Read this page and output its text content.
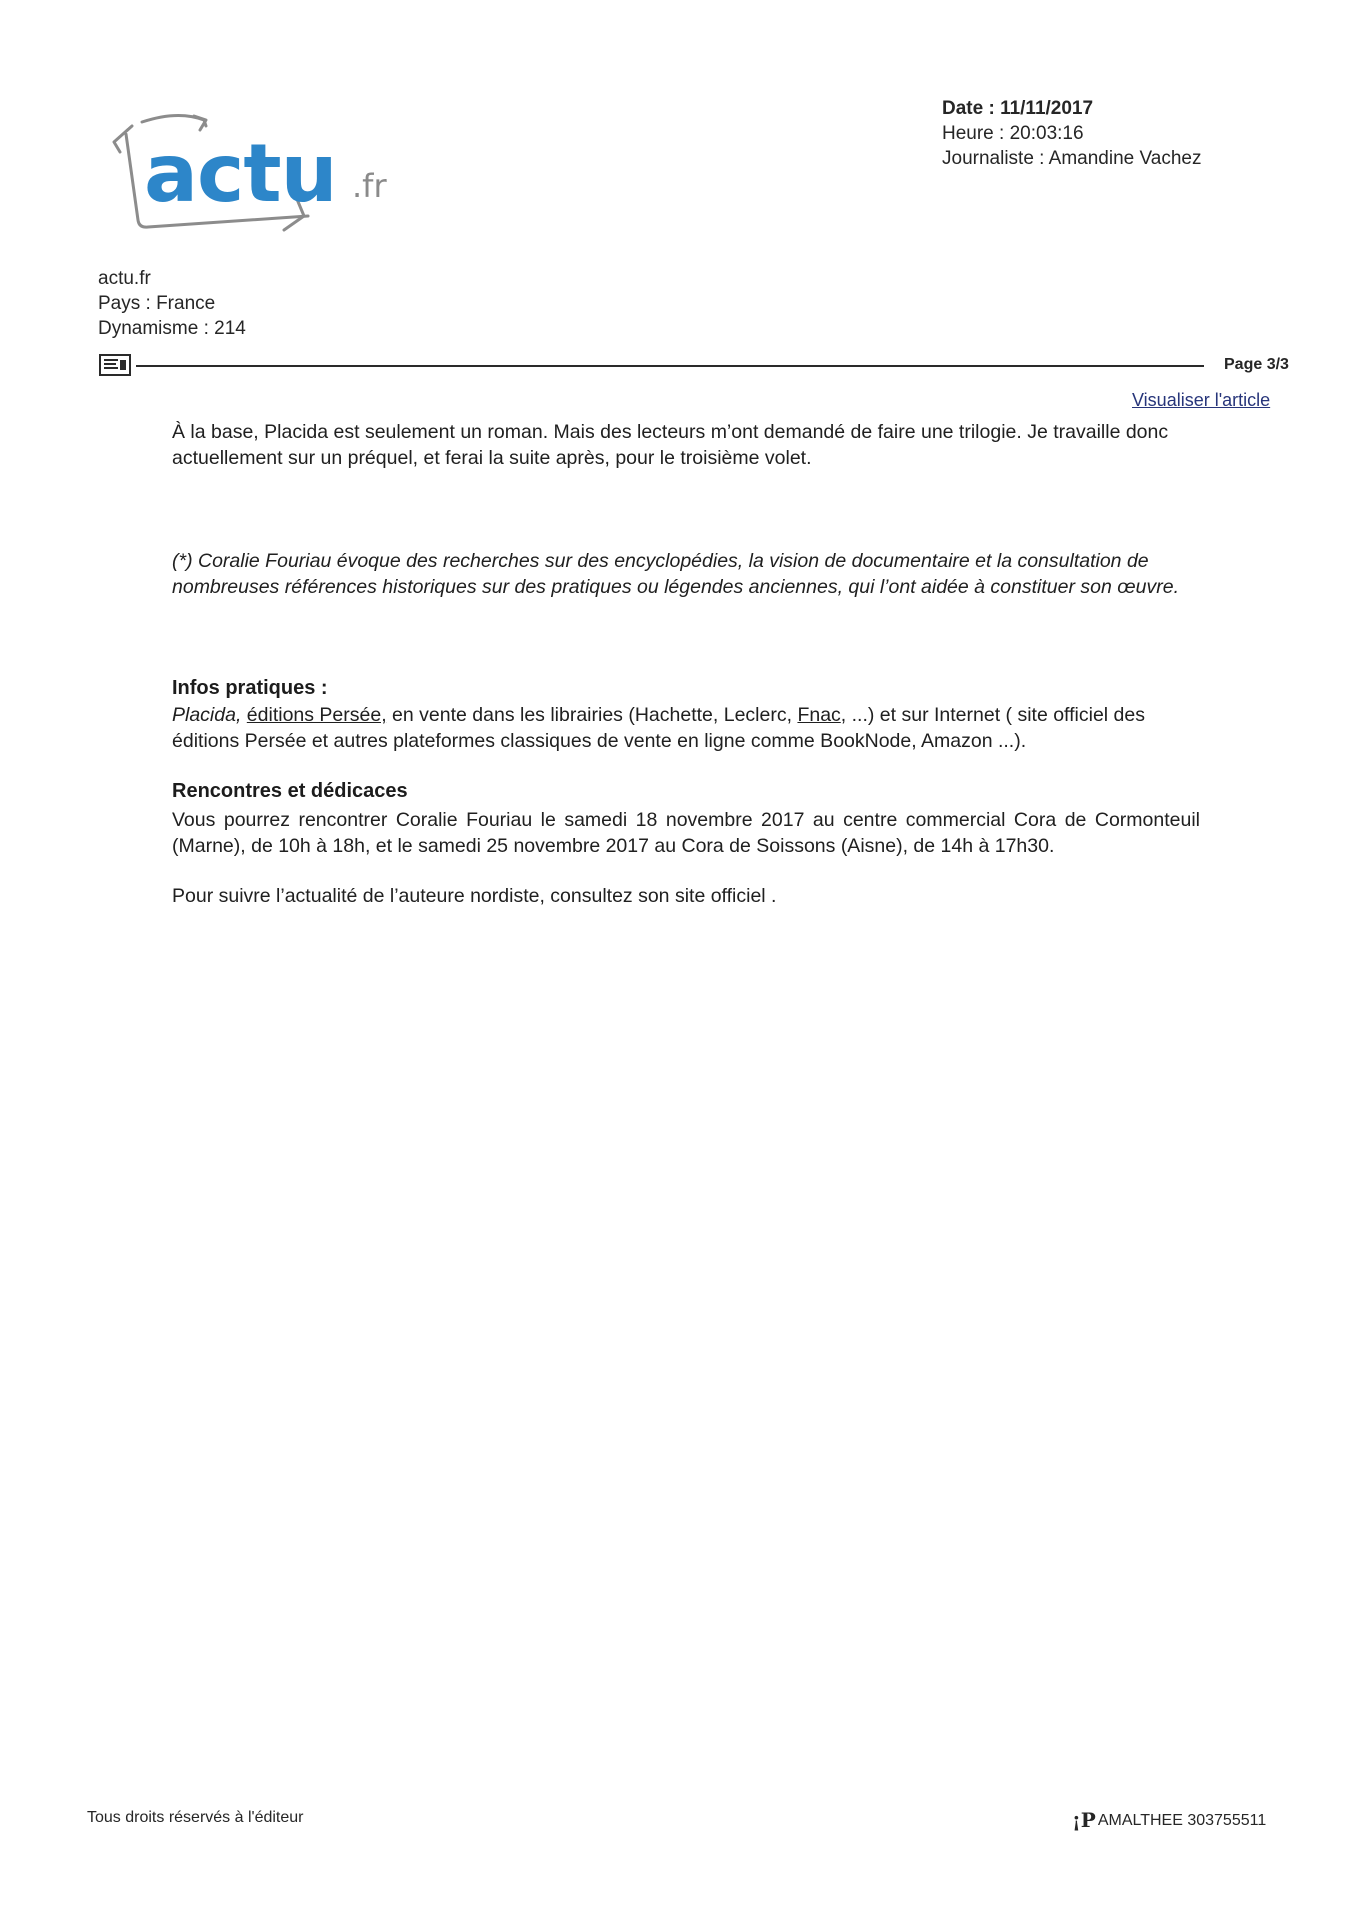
actu .fr
Date : 11/11/2017
Heure : 20:03:16
Journaliste : Amandine Vachez
actu.fr
Pays : France
Dynamisme : 214
Page 3/3
Visualiser l'article
À la base, Placida est seulement un roman. Mais des lecteurs m’ont demandé de faire une trilogie. Je travaille donc actuellement sur un préquel, et ferai la suite après, pour le troisième volet.
(*) Coralie Fouriau évoque des recherches sur des encyclopédies, la vision de documentaire et la consultation de nombreuses références historiques sur des pratiques ou légendes anciennes, qui l’ont aidée à constituer son œuvre.
Infos pratiques :
Placida, éditions Persée, en vente dans les librairies (Hachette, Leclerc, Fnac, ...) et sur Internet ( site officiel des éditions Persée et autres plateformes classiques de vente en ligne comme BookNode, Amazon ...).
Rencontres et dédicaces
Vous pourrez rencontrer Coralie Fouriau le samedi 18 novembre 2017 au centre commercial Cora de Cormonteuil (Marne), de 10h à 18h, et le samedi 25 novembre 2017 au Cora de Soissons (Aisne), de 14h à 17h30.
Pour suivre l’actualité de l’auteure nordiste, consultez son site officiel .
Tous droits réservés à l'éditeur	¡P AMALTHEE 303755511
